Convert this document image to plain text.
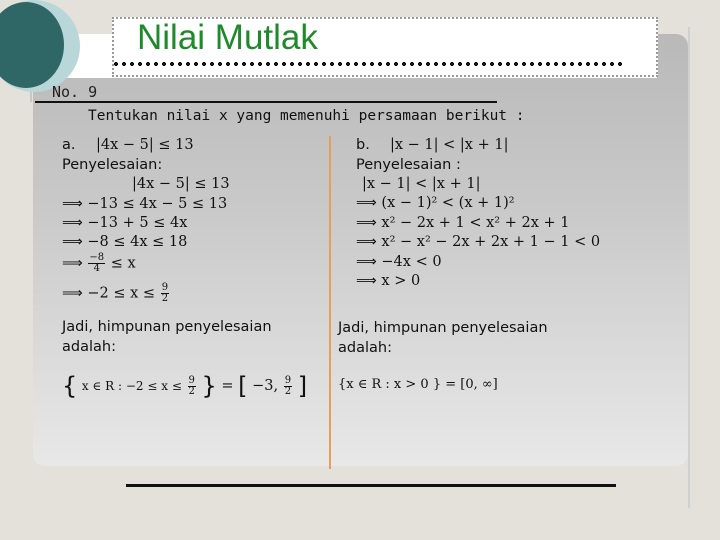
Nilai Mutlak
No. 9
Tentukan nilai x yang memenuhi persamaan berikut :
a. |4x − 5| ≤ 13
Penyelesaian:
|4x − 5| ≤ 13
⟹ −13 ≤ 4x − 5 ≤ 13
⟹ −13 + 5 ≤ 4x
⟹ −8 ≤ 4x ≤ 18
⟹ $\frac{-8}{4} \le x$
⟹ $-2 \le x \le \frac{9}{2}$
Jadi, himpunan penyelesaian adalah:
{ x ∈ R : $-2 \le x \le \frac{9}{2}$ } = [ −3, $\frac{9}{2}$ ]
b. |x − 1| < |x + 1|
Penyelesaian :
|x − 1| < |x + 1|
⟹ (x − 1)² < (x + 1)²
⟹ x² − 2x + 1 < x² + 2x + 1
⟹ x² − x² − 2x + 2x + 1 − 1 < 0
⟹ −4x < 0
⟹ x > 0
Jadi, himpunan penyelesaian adalah:
{x ∈ R : x > 0 } = [0, ∞]
